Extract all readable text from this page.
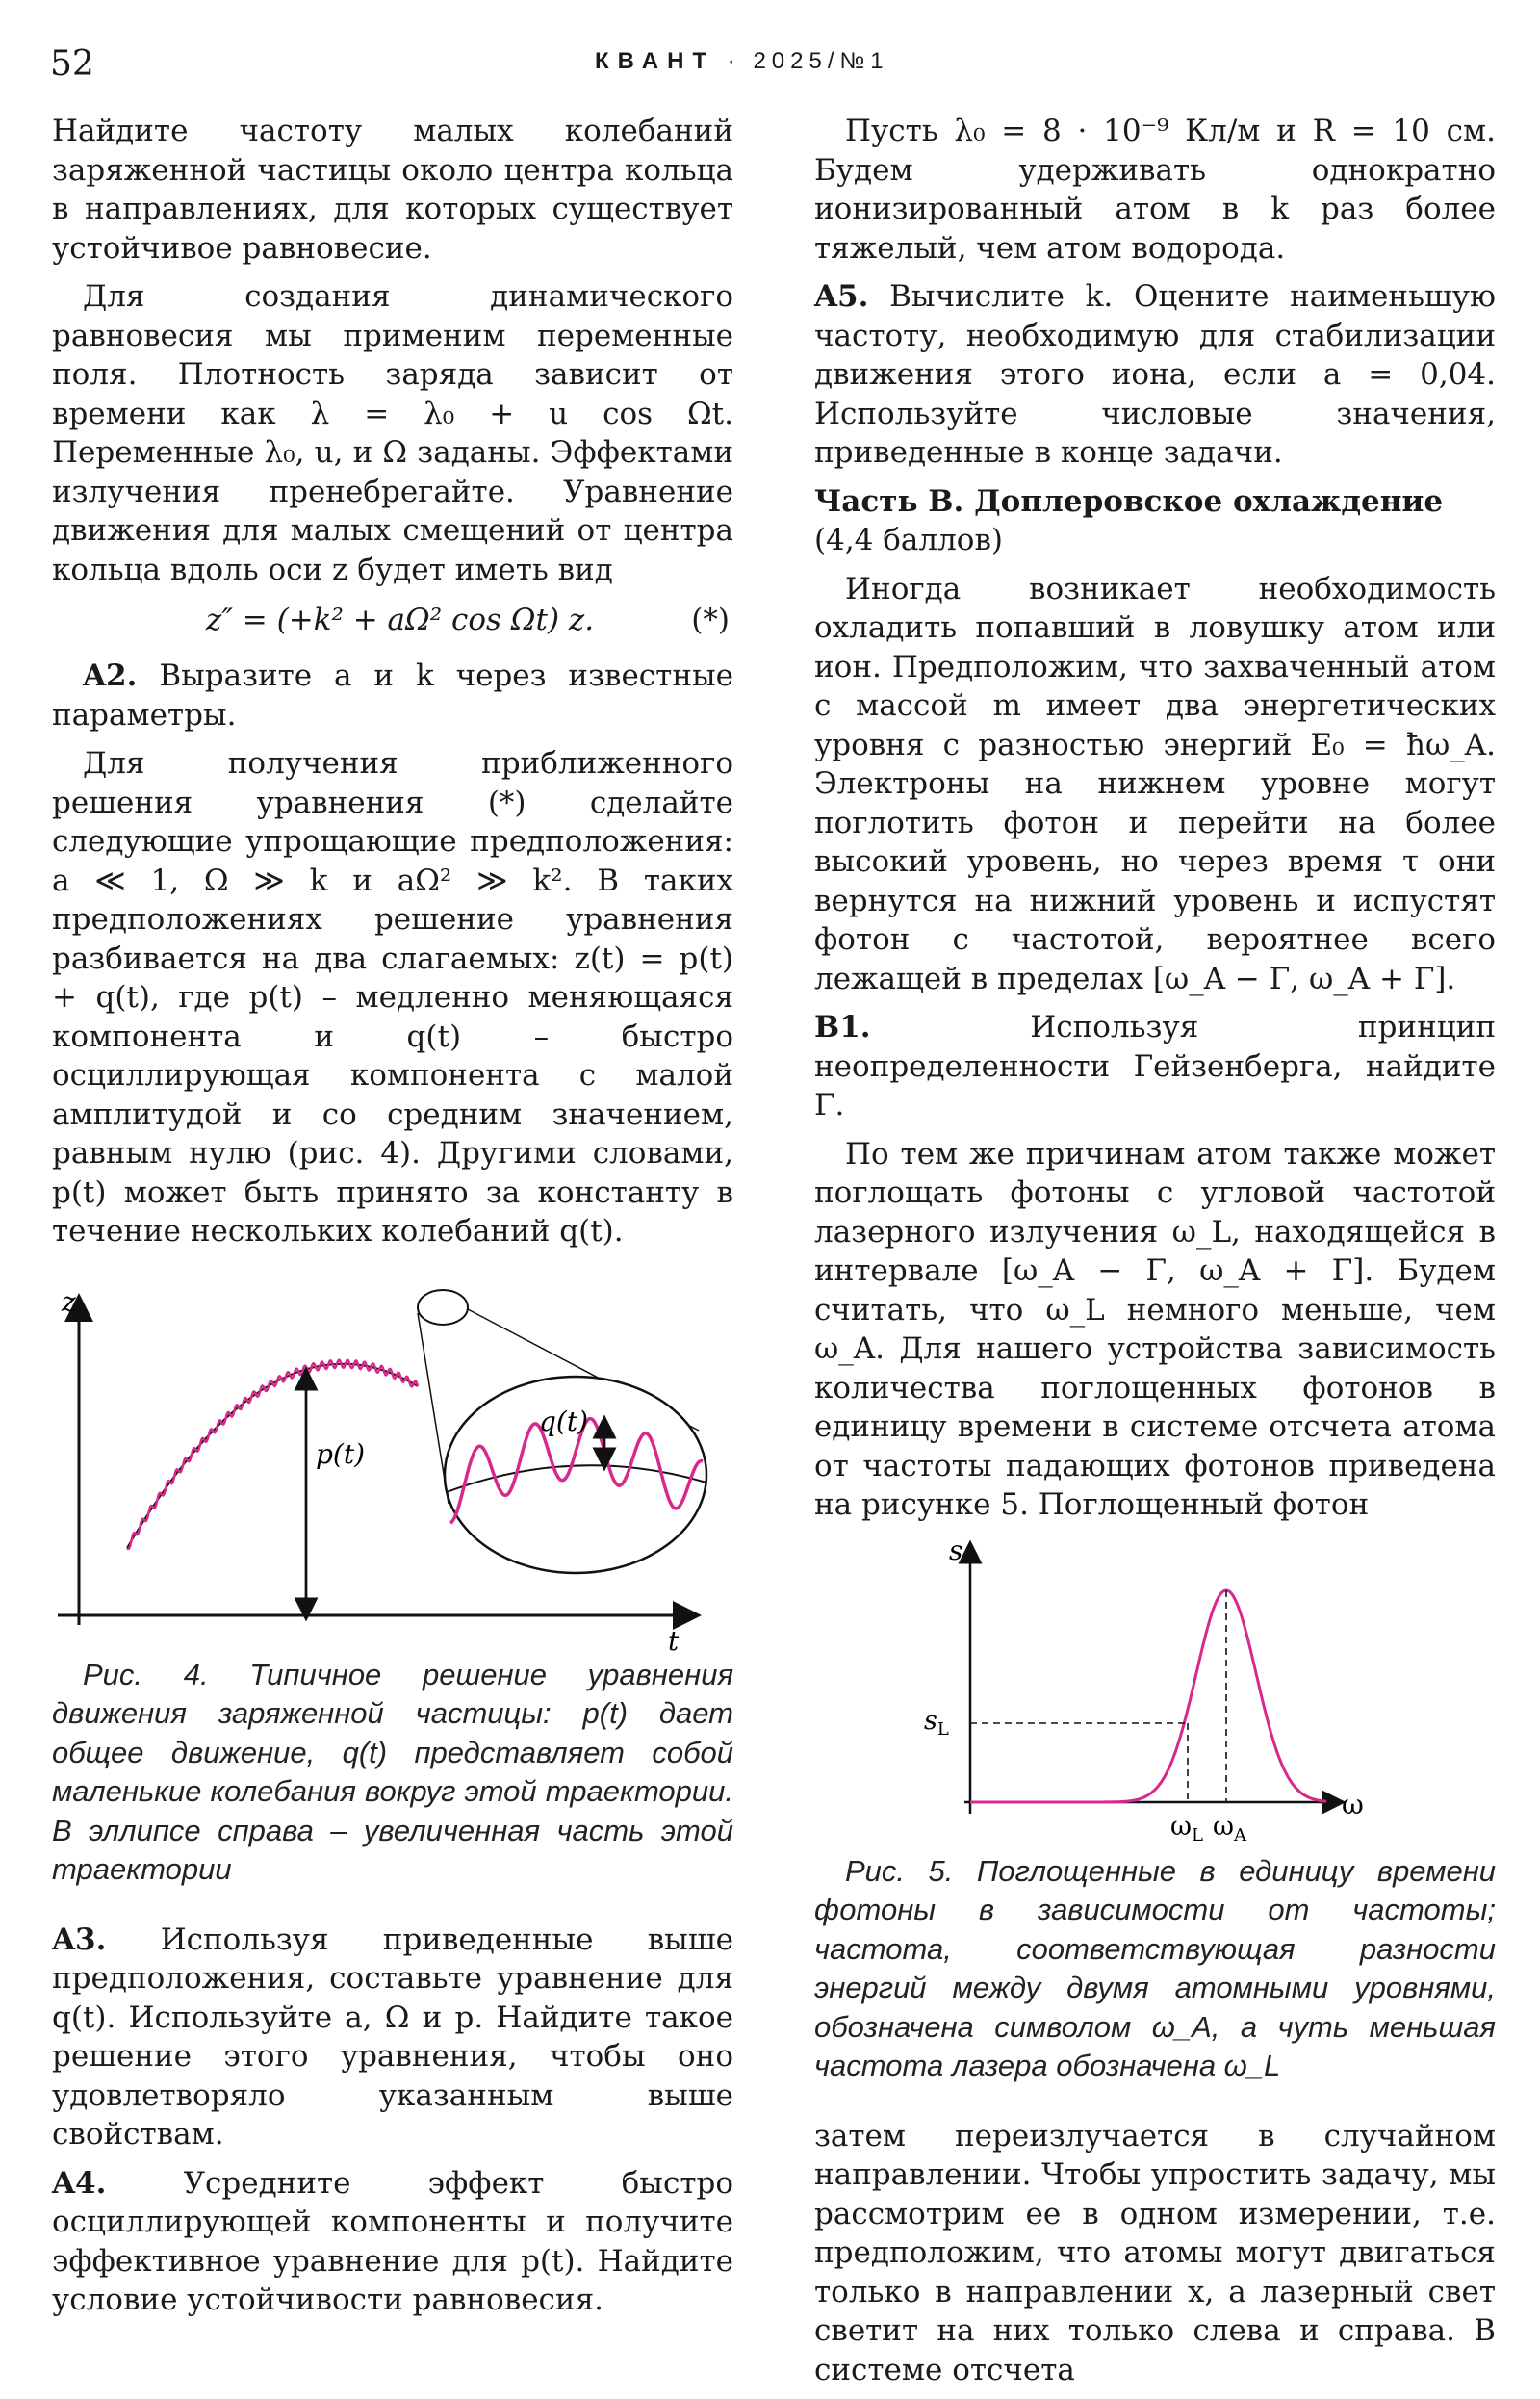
52	КВАНТ · 2025/№1

Найдите частоту малых колебаний заряженной частицы около центра кольца в направлениях, для которых существует устойчивое равновесие.

Для создания динамического равновесия мы применим переменные поля. Плотность заряда зависит от времени как λ = λ₀ + u cos Ωt. Переменные λ₀, u, и Ω заданы. Эффектами излучения пренебрегайте. Уравнение движения для малых смещений от центра кольца вдоль оси z будет иметь вид

z″ = (+k² + aΩ² cos Ωt) z.	(*)

A2. Выразите a и k через известные параметры.

Для получения приближенного решения уравнения (*) сделайте следующие упрощающие предположения: a ≪ 1, Ω ≫ k и aΩ² ≫ k². В таких предположениях решение уравнения разбивается на два слагаемых: z(t) = p(t) + q(t), где p(t) – медленно меняющаяся компонента и q(t) – быстро осциллирующая компонента с малой амплитудой и со средним значением, равным нулю (рис. 4). Другими словами, p(t) может быть принято за константу в течение нескольких колебаний q(t).

z
t
p(t)
q(t)

Рис. 4. Типичное решение уравнения движения заряженной частицы: p(t) дает общее движение, q(t) представляет собой маленькие колебания вокруг этой траектории. В эллипсе справа – увеличенная часть этой траектории

A3. Используя приведенные выше предположения, составьте уравнение для q(t). Используйте a, Ω и p. Найдите такое решение этого уравнения, чтобы оно удовлетворяло указанным выше свойствам.

A4.	Усредните эффект быстро осциллирующей компоненты и получите эффективное уравнение для p(t). Найдите условие устойчивости равновесия.

Пусть λ₀ = 8 · 10⁻⁹ Кл/м и R = 10 см. Будем удерживать однократно ионизированный атом в k раз более тяжелый, чем атом водорода.

A5. Вычислите k. Оцените наименьшую частоту, необходимую для стабилизации движения этого иона, если a = 0,04. Используйте числовые значения, приведенные в конце задачи.

Часть B. Доплеровское охлаждение
(4,4 баллов)

Иногда возникает необходимость охладить попавший в ловушку атом или ион. Предположим, что захваченный атом с массой m имеет два энергетических уровня с разностью энергий E₀ = ħω_A. Электроны на нижнем уровне могут поглотить фотон и перейти на более высокий уровень, но через время τ они вернутся на нижний уровень и испустят фотон с частотой, вероятнее всего лежащей в пределах [ω_A − Γ, ω_A + Γ].

B1.	Используя принцип неопределенности Гейзенберга, найдите Γ.

По тем же причинам атом также может поглощать фотоны с угловой частотой лазерного излучения ω_L, находящейся в интервале [ω_A − Γ, ω_A + Γ]. Будем считать, что ω_L немного меньше, чем ω_A. Для нашего устройства зависимость количества поглощенных фотонов в единицу времени в системе отсчета атома от частоты падающих фотонов приведена на рисунке 5. Поглощенный фотон

s
$s_L$
$\omega_L$ $\omega_A$
ω

Рис. 5. Поглощенные в единицу времени фотоны в зависимости от частоты; частота, соответствующая разности энергий между двумя атомными уровнями, обозначена символом ω_A, а чуть меньшая частота лазера обозначена ω_L

затем переизлучается в случайном направлении. Чтобы упростить задачу, мы рассмотрим ее в одном измерении, т.е. предположим, что атомы могут двигаться только в направлении x, а лазерный свет светит на них только слева и справа. В системе отсчета
